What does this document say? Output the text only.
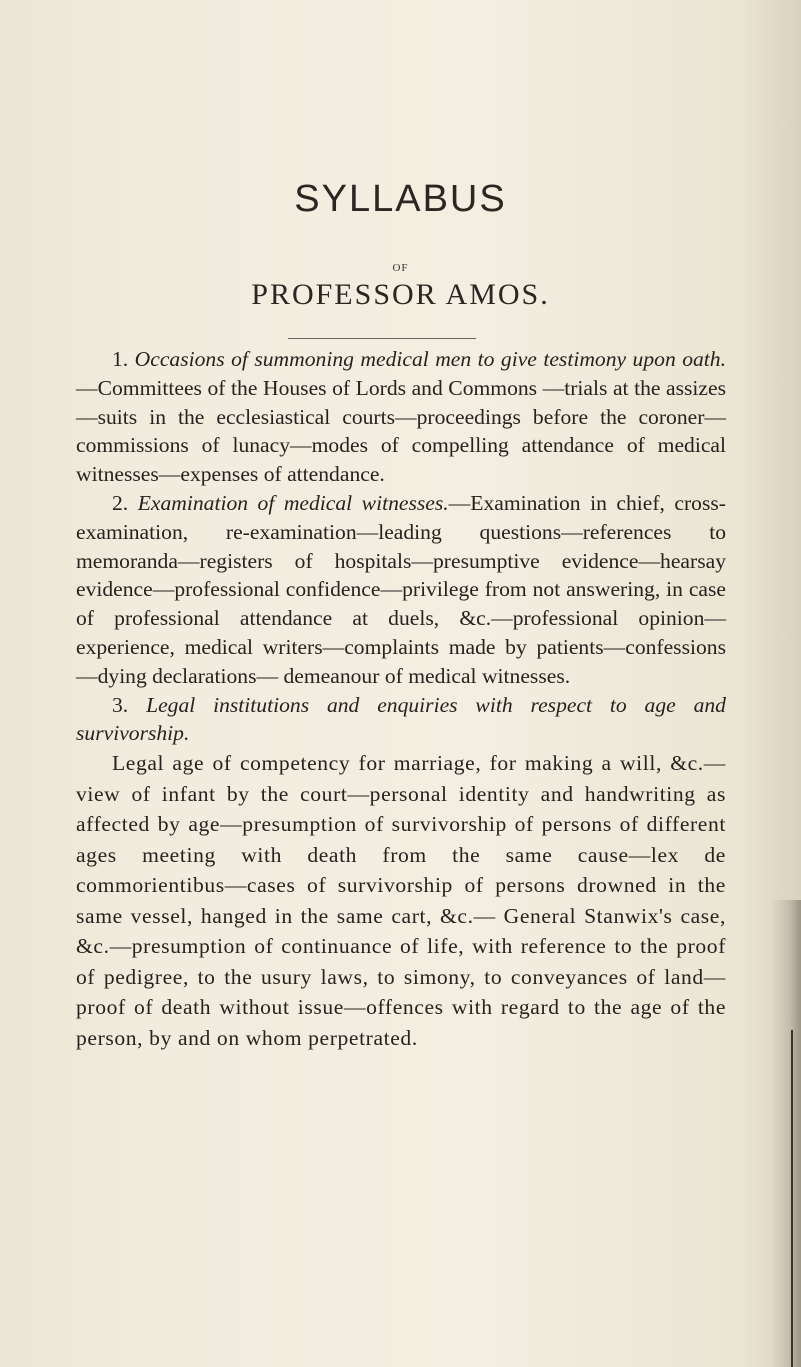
SYLLABUS
OF
PROFESSOR AMOS.

1. Occasions of summoning medical men to give testimony upon oath.—Committees of the Houses of Lords and Commons —trials at the assizes—suits in the ecclesiastical courts—proceedings before the coroner—commissions of lunacy—modes of compelling attendance of medical witnesses—expenses of attendance.

2. Examination of medical witnesses.—Examination in chief, cross-examination, re-examination—leading questions—references to memoranda—registers of hospitals—presumptive evidence—hearsay evidence—professional confidence—privilege from not answering, in case of professional attendance at duels, &c.—professional opinion—experience, medical writers—complaints made by patients—confessions—dying declarations— demeanour of medical witnesses.

3. Legal institutions and enquiries with respect to age and survivorship.

Legal age of competency for marriage, for making a will, &c.—view of infant by the court—personal identity and handwriting as affected by age—presumption of survivorship of persons of different ages meeting with death from the same cause—lex de commorientibus—cases of survivorship of persons drowned in the same vessel, hanged in the same cart, &c.— General Stanwix's case, &c.—presumption of continuance of life, with reference to the proof of pedigree, to the usury laws, to simony, to conveyances of land—proof of death without issue—offences with regard to the age of the person, by and on whom perpetrated.
